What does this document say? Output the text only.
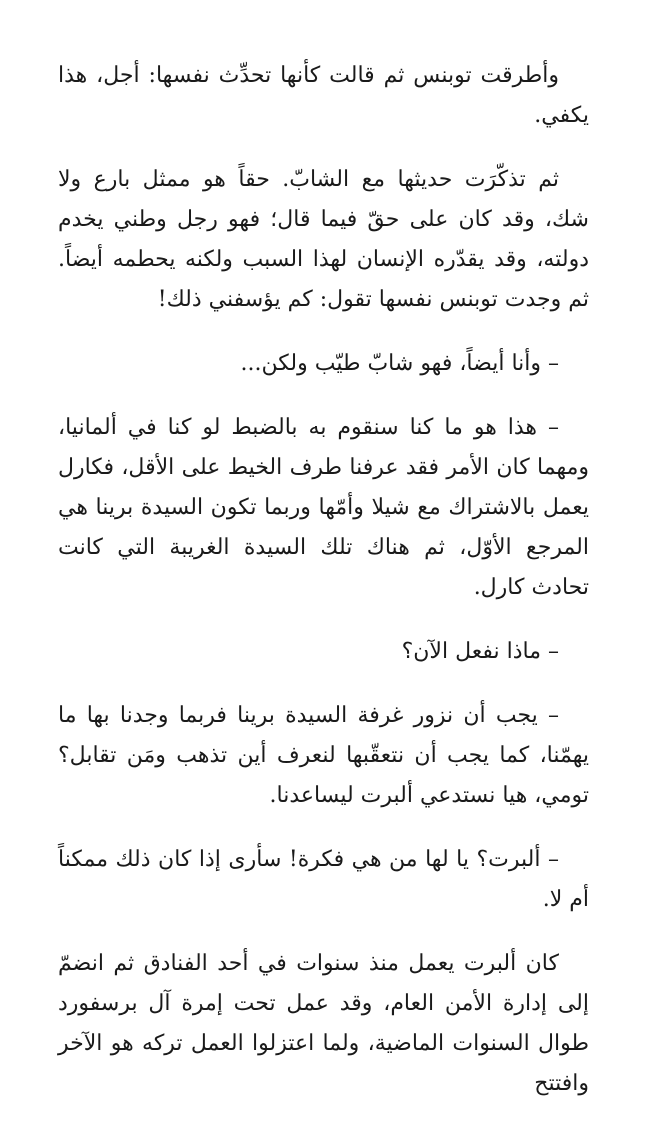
وأطرقت توبنس ثم قالت كأنها تحدِّث نفسها: أجل، هذا يكفي.

ثم تذكّرَت حديثها مع الشابّ. حقاً هو ممثل بارع ولا شك، وقد كان على حقّ فيما قال؛ فهو رجل وطني يخدم دولته، وقد يقدّره الإنسان لهذا السبب ولكنه يحطمه أيضاً. ثم وجدت توبنس نفسها تقول: كم يؤسفني ذلك!

– وأنا أيضاً، فهو شابّ طيّب ولكن...

– هذا هو ما كنا سنقوم به بالضبط لو كنا في ألمانيا، ومهما كان الأمر فقد عرفنا طرف الخيط على الأقل، فكارل يعمل بالاشتراك مع شيلا وأمّها وربما تكون السيدة برينا هي المرجع الأوّل، ثم هناك تلك السيدة الغريبة التي كانت تحادث كارل.

– ماذا نفعل الآن؟

– يجب أن نزور غرفة السيدة برينا فربما وجدنا بها ما يهمّنا، كما يجب أن نتعقّبها لنعرف أين تذهب ومَن تقابل؟ تومي، هيا نستدعي ألبرت ليساعدنا.

– ألبرت؟ يا لها من هي فكرة! سأرى إذا كان ذلك ممكناً أم لا.

كان ألبرت يعمل منذ سنوات في أحد الفنادق ثم انضمّ إلى إدارة الأمن العام، وقد عمل تحت إمرة آل برسفورد طوال السنوات الماضية، ولما اعتزلوا العمل تركه هو الآخر وافتتح
